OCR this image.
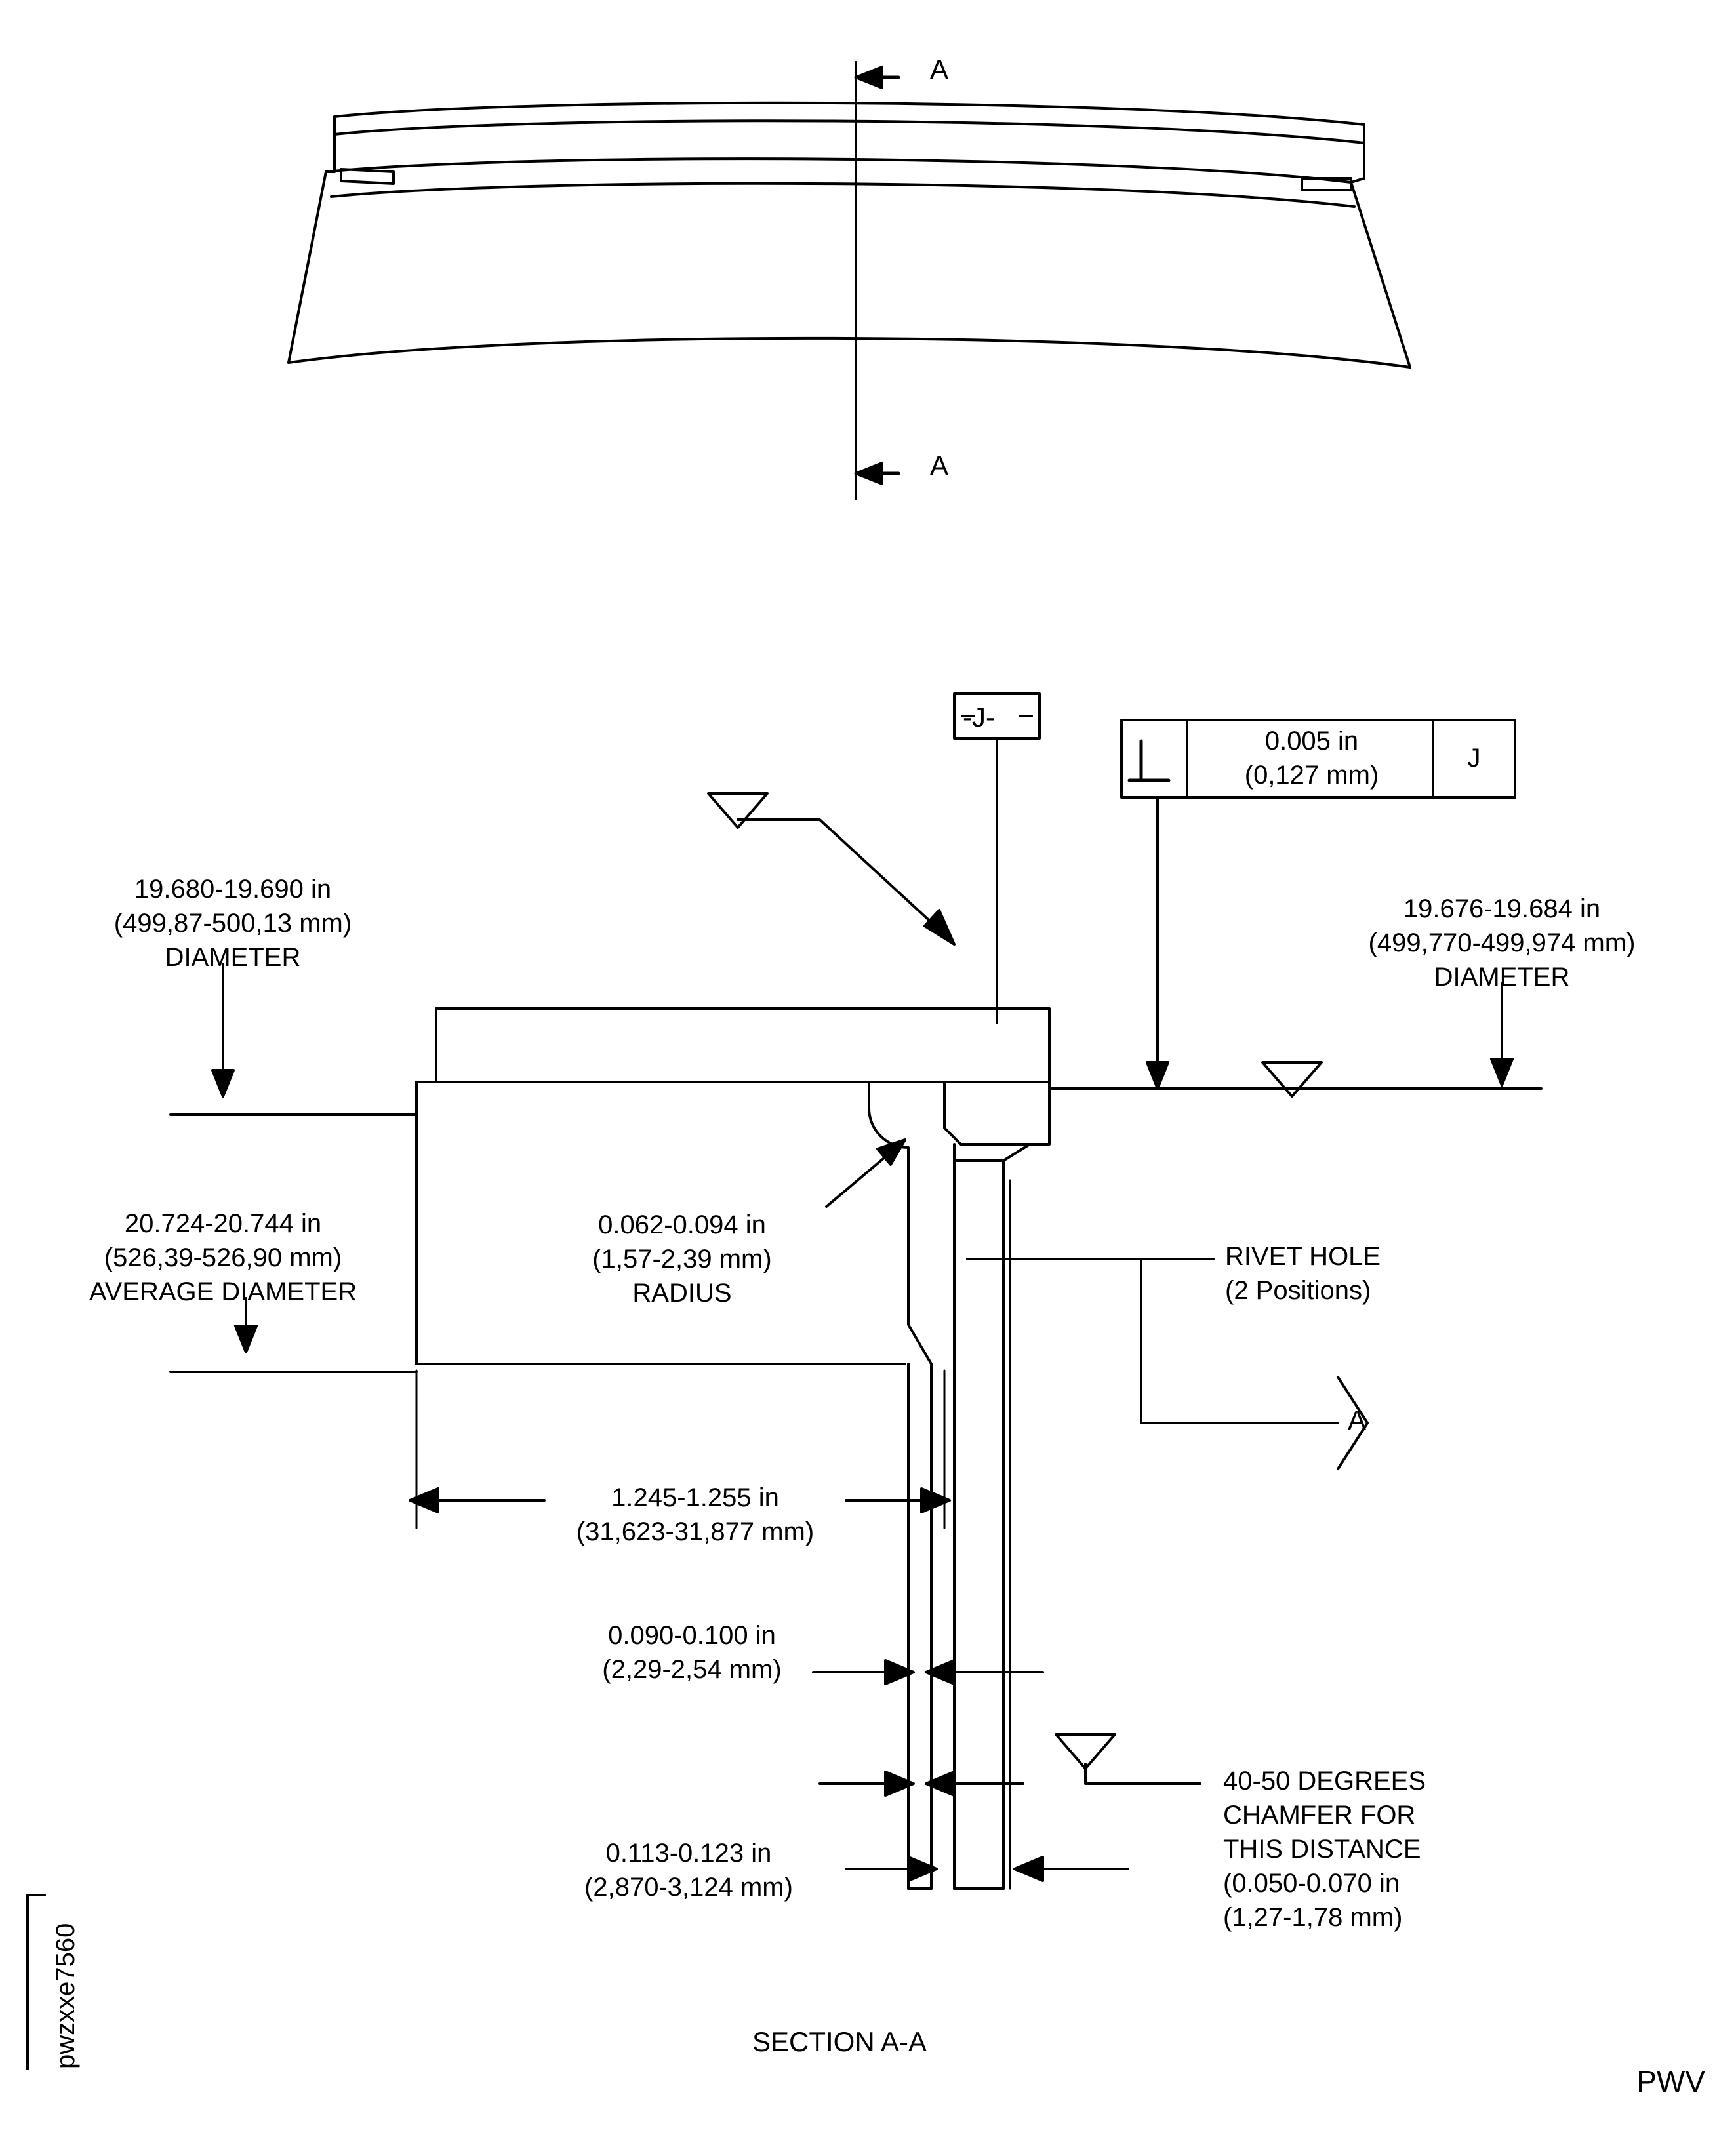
A
A
-J-
0.005 in
(0,127 mm)
J
19.680-19.690 in
(499,87-500,13 mm)
DIAMETER
19.676-19.684 in
(499,770-499,974 mm)
DIAMETER
20.724-20.744 in
(526,39-526,90 mm)
AVERAGE DIAMETER
0.062-0.094 in
(1,57-2,39 mm)
RADIUS
RIVET HOLE
(2 Positions)
A
1.245-1.255 in
(31,623-31,877 mm)
0.090-0.100 in
(2,29-2,54 mm)
0.113-0.123 in
(2,870-3,124 mm)
40-50 DEGREES
CHAMFER FOR
THIS DISTANCE
(0.050-0.070 in
(1,27-1,78 mm)
SECTION A-A
pwzxxe7560
PWV
